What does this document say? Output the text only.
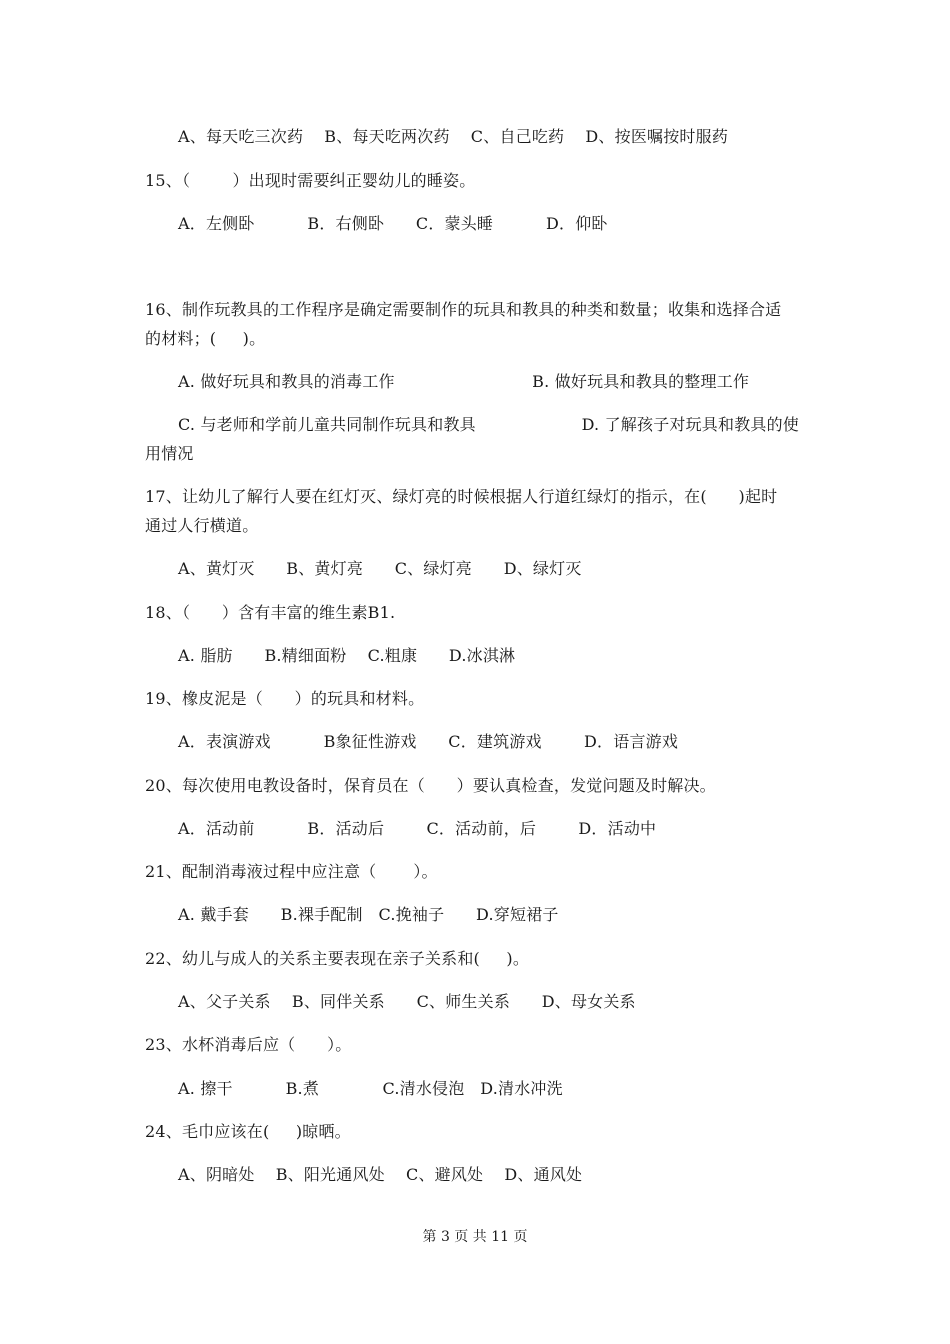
A、每天吃三次药    B、每天吃两次药    C、自己吃药    D、按医嘱按时服药
15、（        ）出现时需要纠正婴幼儿的睡姿。
A．左侧卧          B．右侧卧      C．蒙头睡          D．仰卧
16、制作玩教具的工作程序是确定需要制作的玩具和教具的种类和数量；收集和选择合适
的材料；(     )。
A. 做好玩具和教具的消毒工作                          B. 做好玩具和教具的整理工作
C. 与老师和学前儿童共同制作玩具和教具                    D. 了解孩子对玩具和教具的使
用情况
17、让幼儿了解行人要在红灯灭、绿灯亮的时候根据人行道红绿灯的指示，在(      )起时
通过人行横道。
A、黄灯灭      B、黄灯亮      C、绿灯亮      D、绿灯灭
18、（      ）含有丰富的维生素B1.
A. 脂肪      B.精细面粉    C.粗康      D.冰淇淋
19、橡皮泥是（      ）的玩具和材料。
A．表演游戏          B象征性游戏      C．建筑游戏        D．语言游戏
20、每次使用电教设备时，保育员在（      ）要认真检查，发觉问题及时解决。
A．活动前          B．活动后        C．活动前，后        D．活动中
21、配制消毒液过程中应注意（       ）。
A. 戴手套      B.裸手配制   C.挽袖子      D.穿短裙子
22、幼儿与成人的关系主要表现在亲子关系和(     )。
A、父子关系    B、同伴关系      C、师生关系      D、母女关系
23、水杯消毒后应（      ）。
A. 擦干          B.煮            C.清水侵泡   D.清水冲洗
24、毛巾应该在(     )晾晒。
A、阴暗处    B、阳光通风处    C、避风处    D、通风处
第 3 页 共 11 页
